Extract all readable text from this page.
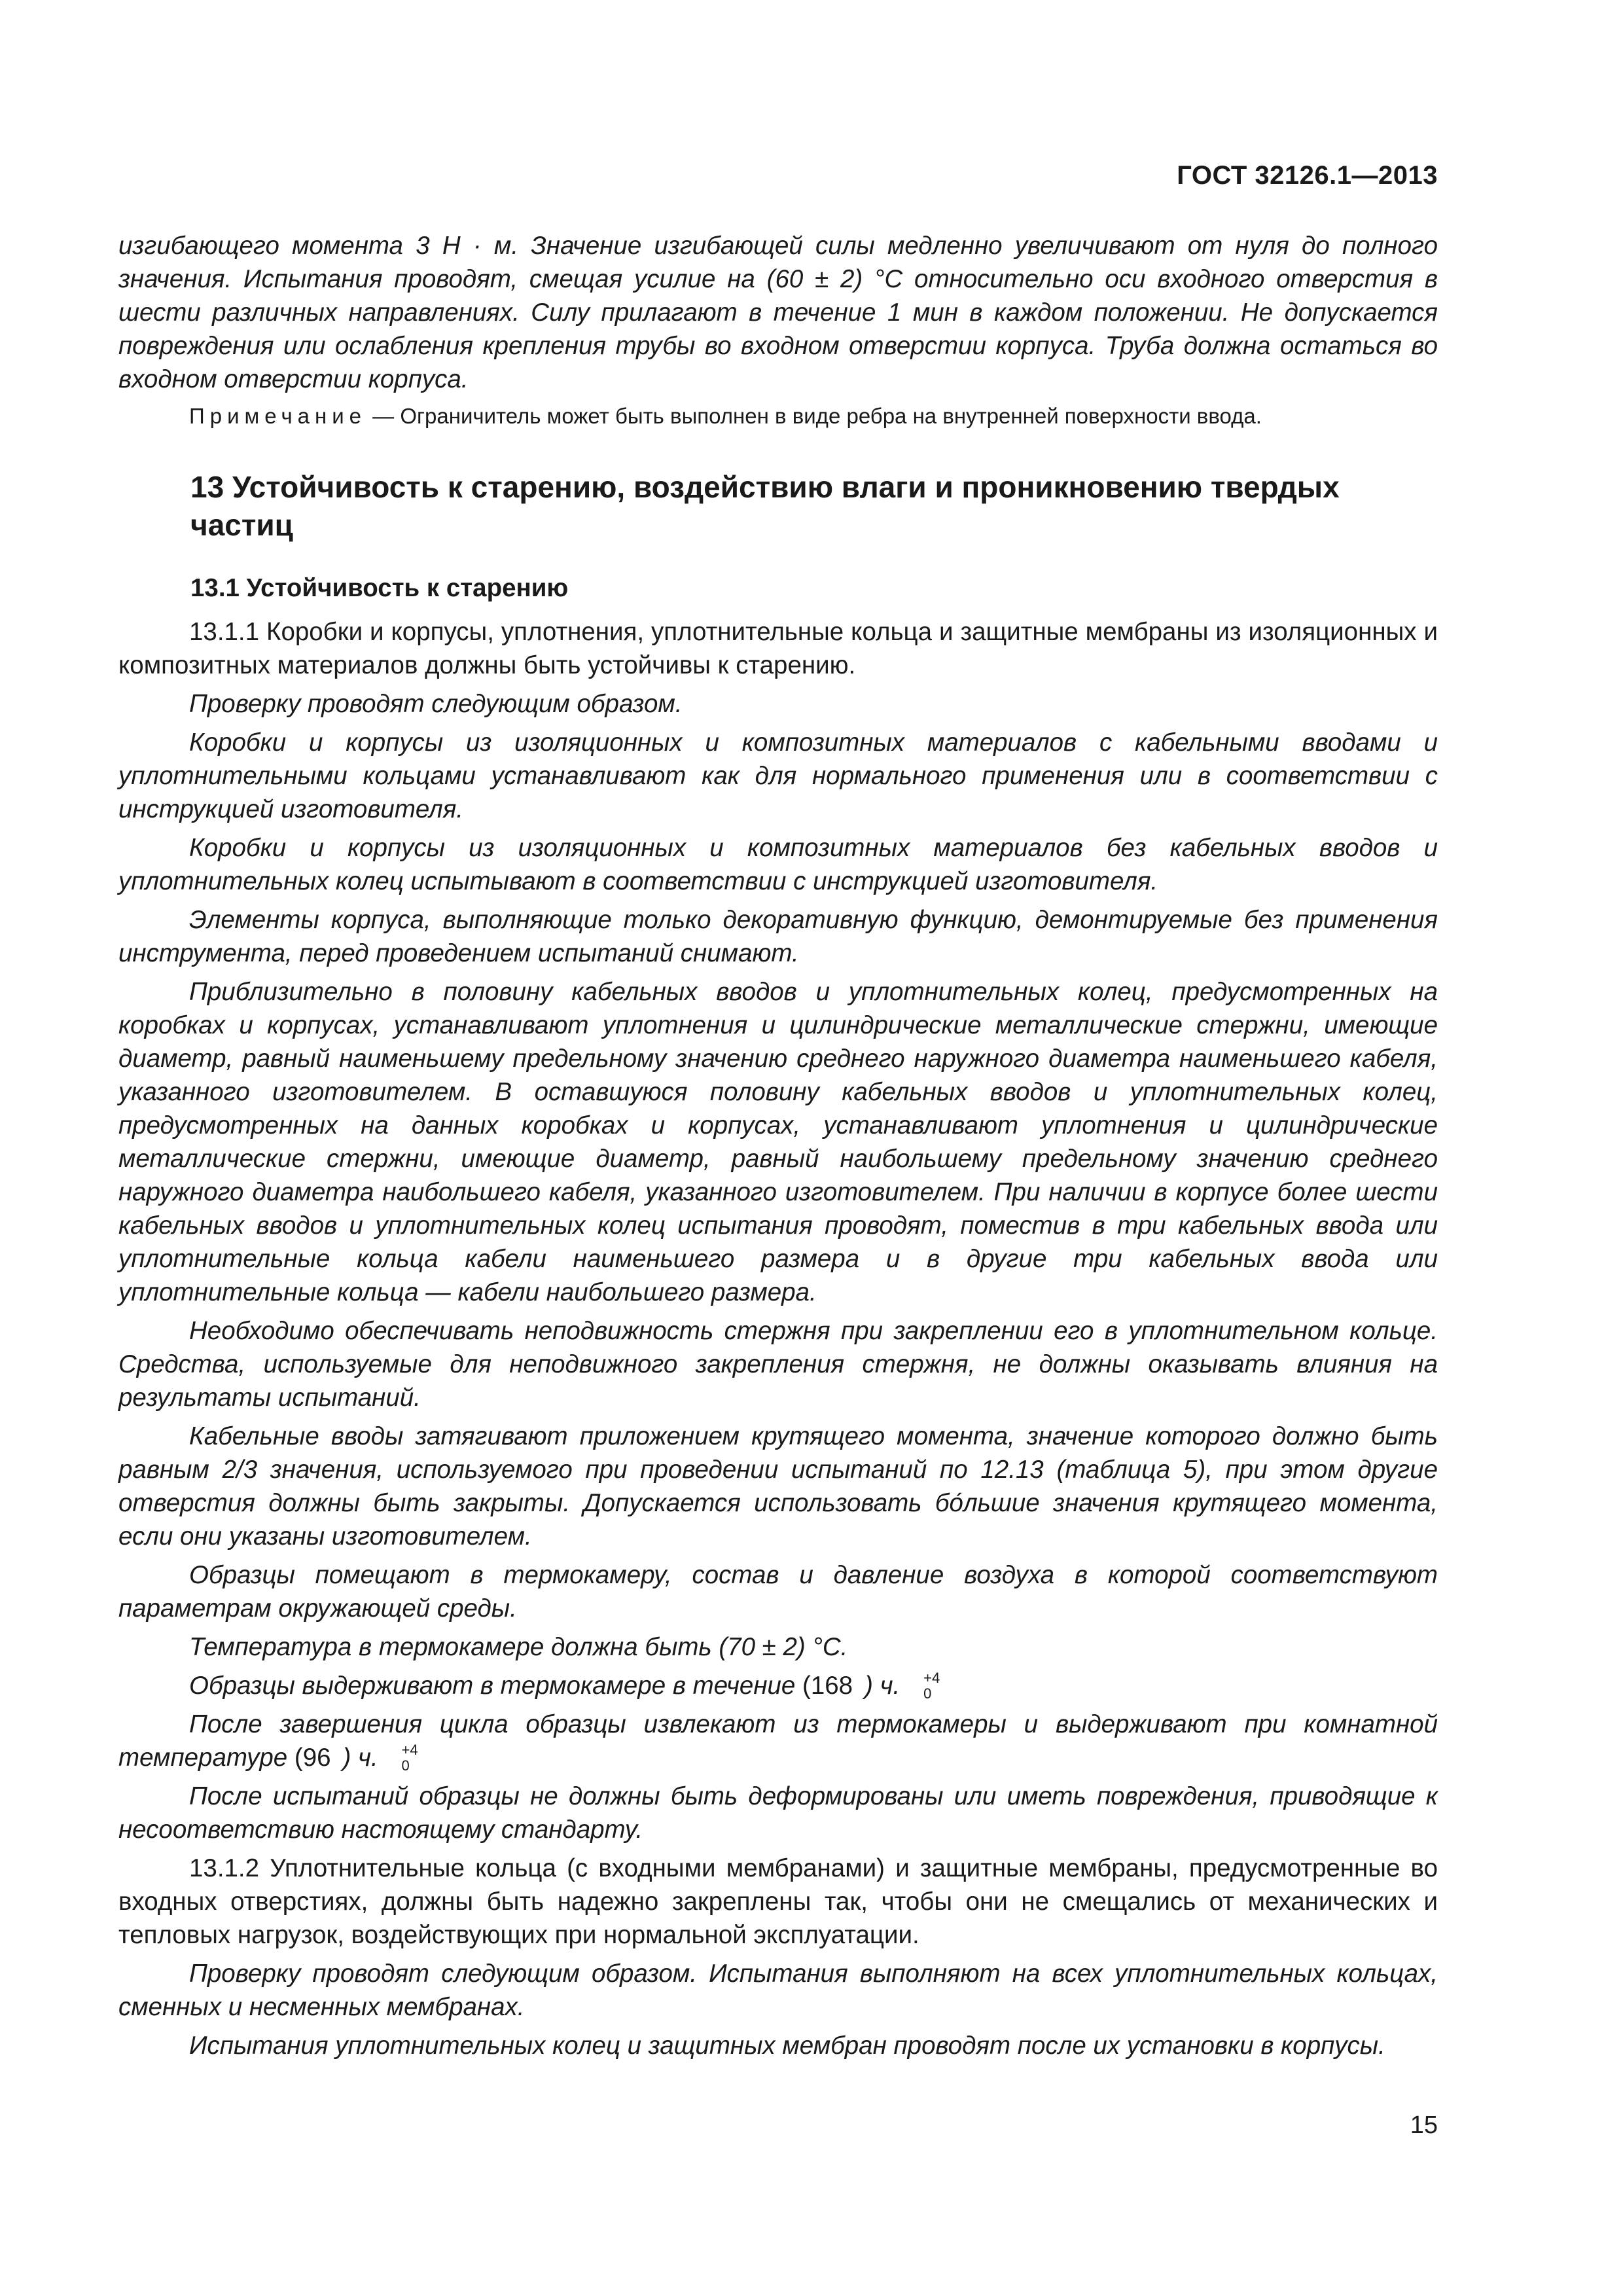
ГОСТ 32126.1—2013

изгибающего момента 3 Н · м. Значение изгибающей силы медленно увеличивают от нуля до полного значения. Испытания проводят, смещая усилие на (60 ± 2) °С относительно оси входного отверстия в шести различных направлениях. Силу прилагают в течение 1 мин в каждом положении. Не допускается повреждения или ослабления крепления трубы во входном отверстии корпуса. Труба должна остаться во входном отверстии корпуса.

Примечание — Ограничитель может быть выполнен в виде ребра на внутренней поверхности ввода.

13 Устойчивость к старению, воздействию влаги и проникновению твердых частиц
13.1 Устойчивость к старению

13.1.1 Коробки и корпусы, уплотнения, уплотнительные кольца и защитные мембраны из изоляционных и композитных материалов должны быть устойчивы к старению.

Проверку проводят следующим образом.

Коробки и корпусы из изоляционных и композитных материалов с кабельными вводами и уплотнительными кольцами устанавливают как для нормального применения или в соответствии с инструкцией изготовителя.

Коробки и корпусы из изоляционных и композитных материалов без кабельных вводов и уплотнительных колец испытывают в соответствии с инструкцией изготовителя.

Элементы корпуса, выполняющие только декоративную функцию, демонтируемые без применения инструмента, перед проведением испытаний снимают.

Приблизительно в половину кабельных вводов и уплотнительных колец, предусмотренных на коробках и корпусах, устанавливают уплотнения и цилиндрические металлические стержни, имеющие диаметр, равный наименьшему предельному значению среднего наружного диаметра наименьшего кабеля, указанного изготовителем. В оставшуюся половину кабельных вводов и уплотнительных колец, предусмотренных на данных коробках и корпусах, устанавливают уплотнения и цилиндрические металлические стержни, имеющие диаметр, равный наибольшему предельному значению среднего наружного диаметра наибольшего кабеля, указанного изготовителем. При наличии в корпусе более шести кабельных вводов и уплотнительных колец испытания проводят, поместив в три кабельных ввода или уплотнительные кольца кабели наименьшего размера и в другие три кабельных ввода или уплотнительные кольца — кабели наибольшего размера.

Необходимо обеспечивать неподвижность стержня при закреплении его в уплотнительном кольце. Средства, используемые для неподвижного закрепления стержня, не должны оказывать влияния на результаты испытаний.

Кабельные вводы затягивают приложением крутящего момента, значение которого должно быть равным 2/3 значения, используемого при проведении испытаний по 12.13 (таблица 5), при этом другие отверстия должны быть закрыты. Допускается использовать бо́льшие значения крутящего момента, если они указаны изготовителем.

Образцы помещают в термокамеру, состав и давление воздуха в которой соответствуют параметрам окружающей среды.

Температура в термокамере должна быть (70 ± 2) °С.

Образцы выдерживают в термокамере в течение (168	+4
0
) ч.

После завершения цикла образцы извлекают из термокамеры и выдерживают при комнатной температуре (96	+4
0
) ч.

После испытаний образцы не должны быть деформированы или иметь повреждения, приводящие к несоответствию настоящему стандарту.

13.1.2 Уплотнительные кольца (с входными мембранами) и защитные мембраны, предусмотренные во входных отверстиях, должны быть надежно закреплены так, чтобы они не смещались от механических и тепловых нагрузок, воздействующих при нормальной эксплуатации.

Проверку проводят следующим образом. Испытания выполняют на всех уплотнительных кольцах, сменных и несменных мембранах.

Испытания уплотнительных колец и защитных мембран проводят после их установки в корпусы.

15
